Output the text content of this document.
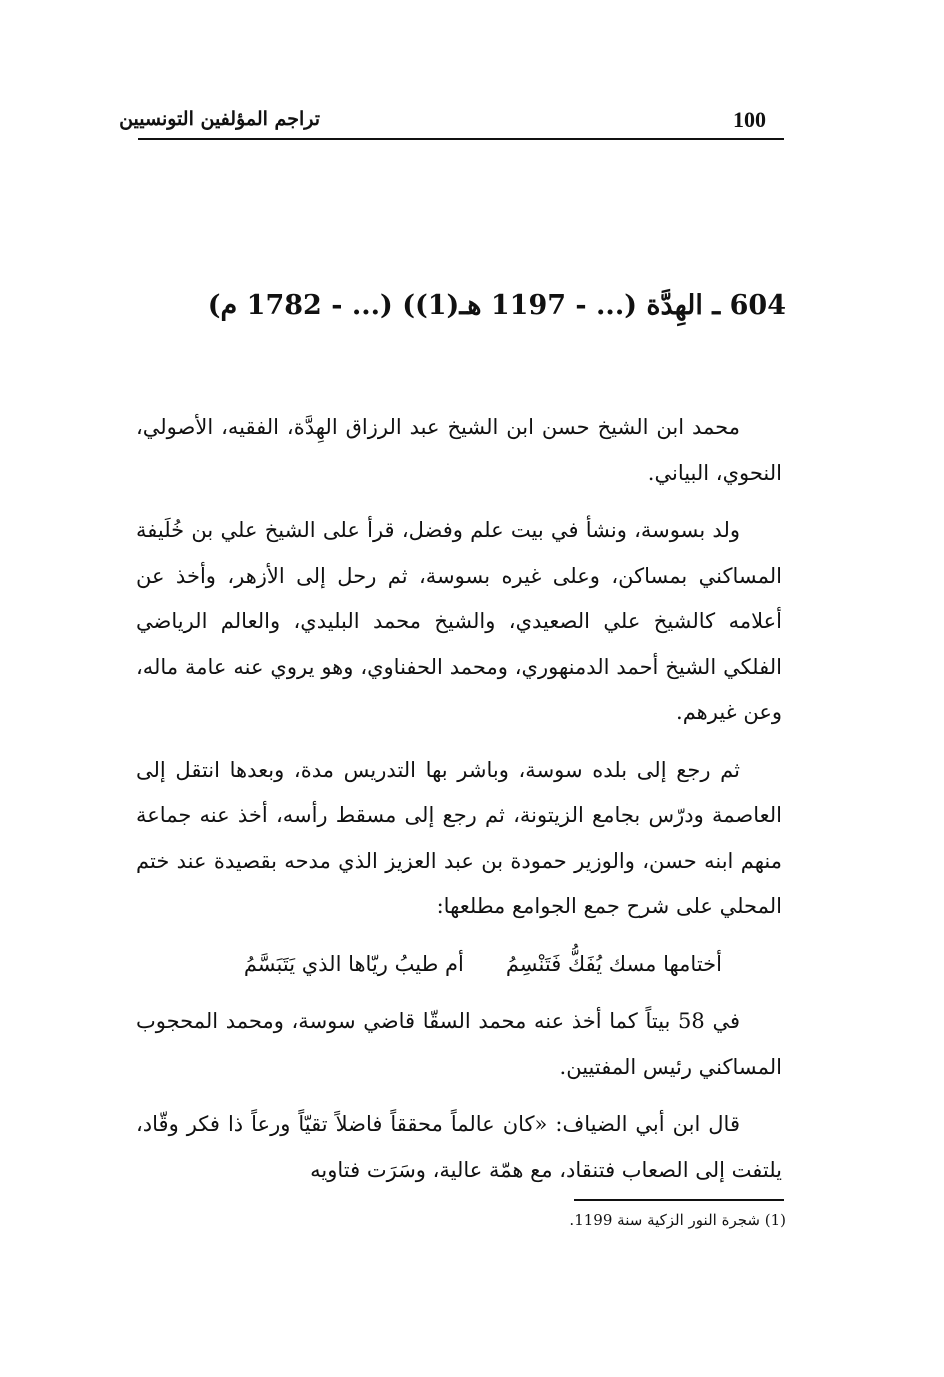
100
تراجم المؤلفين التونسيين
604 ـ الهِدَّة (... - 1197 هـ(1)) (... - 1782 م)

محمد ابن الشيخ حسن ابن الشيخ عبد الرزاق الهِدَّة، الفقيه، الأصولي، النحوي، البياني.

ولد بسوسة، ونشأ في بيت علم وفضل، قرأ على الشيخ علي بن خُلَيفة المساكني بمساكن، وعلى غيره بسوسة، ثم رحل إلى الأزهر، وأخذ عن أعلامه كالشيخ علي الصعيدي، والشيخ محمد البليدي، والعالم الرياضي الفلكي الشيخ أحمد الدمنهوري، ومحمد الحفناوي، وهو يروي عنه عامة ماله، وعن غيرهم.

ثم رجع إلى بلده سوسة، وباشر بها التدريس مدة، وبعدها انتقل إلى العاصمة ودرّس بجامع الزيتونة، ثم رجع إلى مسقط رأسه، أخذ عنه جماعة منهم ابنه حسن، والوزير حمودة بن عبد العزيز الذي مدحه بقصيدة عند ختم المحلي على شرح جمع الجوامع مطلعها:

أختامها مسك يُفَكُّ فَتَنْسِمُ
أم طيبُ ريّاها الذي يَتَبَسَّمُ

في 58 بيتاً كما أخذ عنه محمد السقّا قاضي سوسة، ومحمد المحجوب المساكني رئيس المفتيين.

قال ابن أبي الضياف: «كان عالماً محققاً فاضلاً تقيّاً ورعاً ذا فكر وقّاد، يلتفت إلى الصعاب فتنقاد، مع همّة عالية، وسَرَت فتاويه

(1) شجرة النور الزكية سنة 1199.
